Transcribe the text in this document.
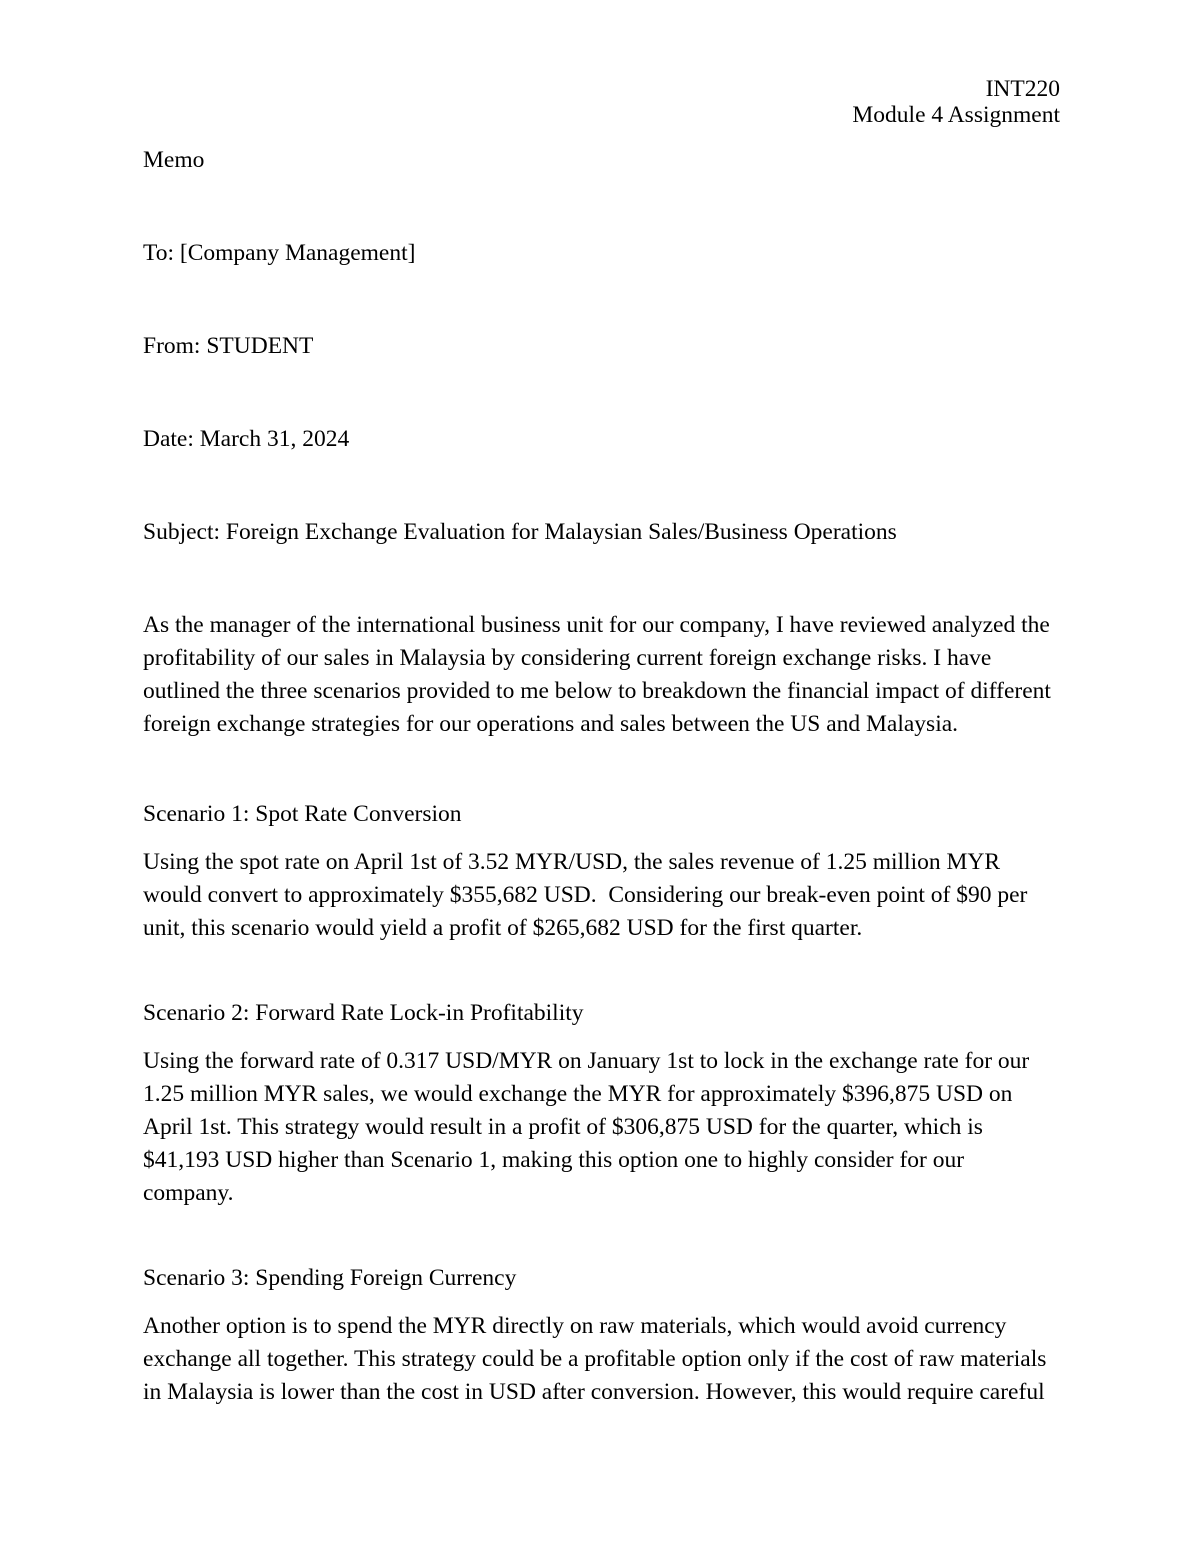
INT220
Module 4 Assignment
Memo
To: [Company Management]
From: STUDENT
Date: March 31, 2024
Subject: Foreign Exchange Evaluation for Malaysian Sales/Business Operations
As the manager of the international business unit for our company, I have reviewed analyzed the profitability of our sales in Malaysia by considering current foreign exchange risks. I have outlined the three scenarios provided to me below to breakdown the financial impact of different foreign exchange strategies for our operations and sales between the US and Malaysia.
Scenario 1: Spot Rate Conversion
Using the spot rate on April 1st of 3.52 MYR/USD, the sales revenue of 1.25 million MYR would convert to approximately $355,682 USD.  Considering our break-even point of $90 per unit, this scenario would yield a profit of $265,682 USD for the first quarter.
Scenario 2: Forward Rate Lock-in Profitability
Using the forward rate of 0.317 USD/MYR on January 1st to lock in the exchange rate for our 1.25 million MYR sales, we would exchange the MYR for approximately $396,875 USD on April 1st. This strategy would result in a profit of $306,875 USD for the quarter, which is $41,193 USD higher than Scenario 1, making this option one to highly consider for our company.
Scenario 3: Spending Foreign Currency
Another option is to spend the MYR directly on raw materials, which would avoid currency exchange all together. This strategy could be a profitable option only if the cost of raw materials in Malaysia is lower than the cost in USD after conversion. However, this would require careful
